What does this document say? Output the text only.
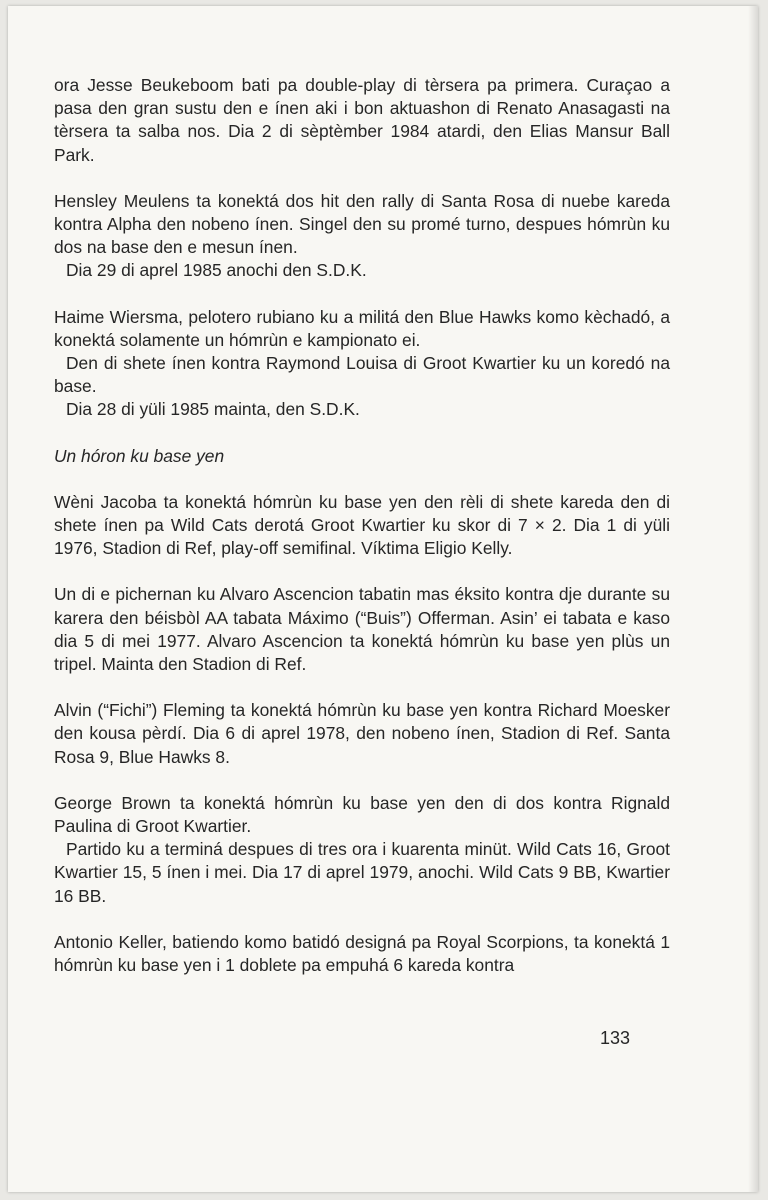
ora Jesse Beukeboom bati pa double-play di tèrsera pa primera. Curaçao a pasa den gran sustu den e ínen aki i bon aktuashon di Renato Anasagasti na tèrsera ta salba nos. Dia 2 di sèptèmber 1984 atardi, den Elias Mansur Ball Park.

Hensley Meulens ta konektá dos hit den rally di Santa Rosa di nuebe kareda kontra Alpha den nobeno ínen. Singel den su promé turno, despues hómrùn ku dos na base den e mesun ínen.

Dia 29 di aprel 1985 anochi den S.D.K.

Haime Wiersma, pelotero rubiano ku a militá den Blue Hawks komo kèchadó, a konektá solamente un hómrùn e kampionato ei.

Den di shete ínen kontra Raymond Louisa di Groot Kwartier ku un koredó na base.

Dia 28 di yüli 1985 mainta, den S.D.K.

Un hóron ku base yen

Wèni Jacoba ta konektá hómrùn ku base yen den rèli di shete kareda den di shete ínen pa Wild Cats derotá Groot Kwartier ku skor di 7 × 2. Dia 1 di yüli 1976, Stadion di Ref, play-off semifinal. Víktima Eligio Kelly.

Un di e pichernan ku Alvaro Ascencion tabatin mas éksito kontra dje durante su karera den béisbòl AA tabata Máximo (“Buis”) Offerman. Asin’ ei tabata e kaso dia 5 di mei 1977. Alvaro Ascencion ta konektá hómrùn ku base yen plùs un tripel. Mainta den Stadion di Ref.

Alvin (“Fichi”) Fleming ta konektá hómrùn ku base yen kontra Richard Moesker den kousa pèrdí. Dia 6 di aprel 1978, den nobeno ínen, Stadion di Ref. Santa Rosa 9, Blue Hawks 8.

George Brown ta konektá hómrùn ku base yen den di dos kontra Rignald Paulina di Groot Kwartier.

Partido ku a terminá despues di tres ora i kuarenta minüt. Wild Cats 16, Groot Kwartier 15, 5 ínen i mei. Dia 17 di aprel 1979, anochi. Wild Cats 9 BB, Kwartier 16 BB.

Antonio Keller, batiendo komo batidó designá pa Royal Scorpions, ta konektá 1 hómrùn ku base yen i 1 doblete pa empuhá 6 kareda kontra

133
